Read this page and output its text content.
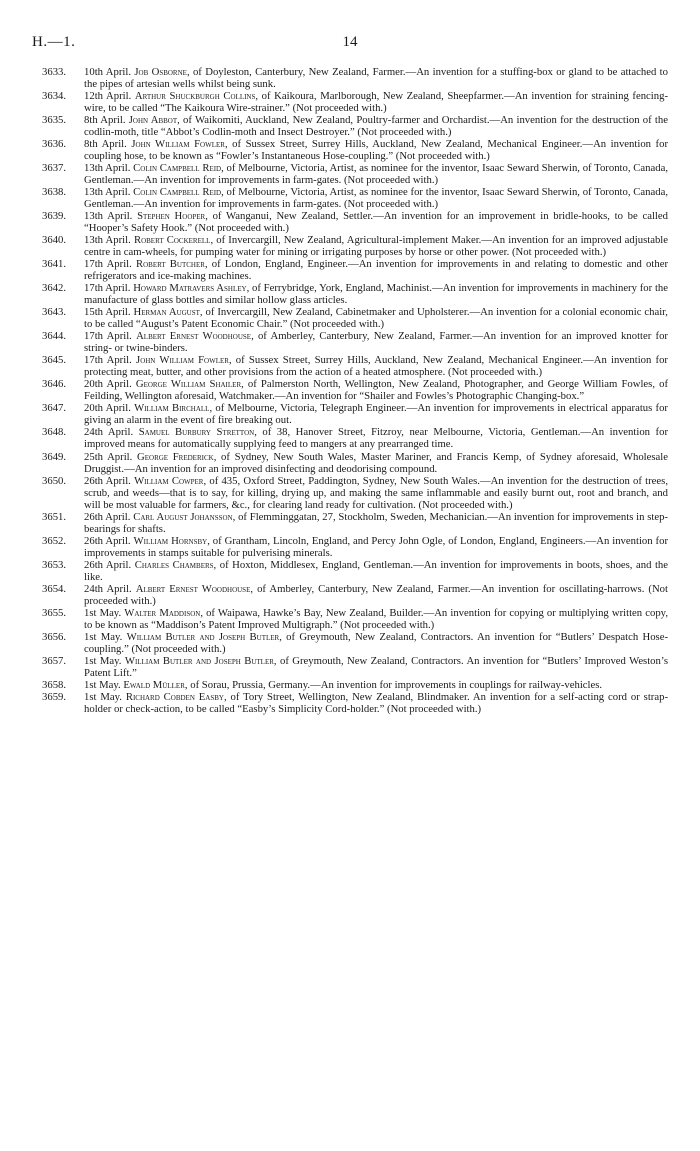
H.—1.	14
3633. 10th April. Job Osborne, of Doyleston, Canterbury, New Zealand, Farmer.—An invention for a stuffing-box or gland to be attached to the pipes of artesian wells whilst being sunk.
3634. 12th April. Arthur Shuckburgh Collins, of Kaikoura, Marlborough, New Zealand, Sheepfarmer.—An invention for straining fencing-wire, to be called “The Kaikoura Wire-strainer.” (Not proceeded with.)
3635. 8th April. John Abbot, of Waikomiti, Auckland, New Zealand, Poultry-farmer and Orchardist.—An invention for the destruction of the codlin-moth, title “Abbot’s Codlin-moth and Insect Destroyer.” (Not proceeded with.)
3636. 8th April. John William Fowler, of Sussex Street, Surrey Hills, Auckland, New Zealand, Mechanical Engineer.—An invention for coupling hose, to be known as “Fowler’s Instantaneous Hose-coupling.” (Not proceeded with.)
3637. 13th April. Colin Campbell Reid, of Melbourne, Victoria, Artist, as nominee for the inventor, Isaac Seward Sherwin, of Toronto, Canada, Gentleman.—An invention for improvements in farm-gates. (Not proceeded with.)
3638. 13th April. Colin Campbell Reid, of Melbourne, Victoria, Artist, as nominee for the inventor, Isaac Seward Sherwin, of Toronto, Canada, Gentleman.—An invention for improvements in farm-gates. (Not proceeded with.)
3639. 13th April. Stephen Hooper, of Wanganui, New Zealand, Settler.—An invention for an improvement in bridle-hooks, to be called “Hooper’s Safety Hook.” (Not proceeded with.)
3640. 13th April. Robert Cockerell, of Invercargill, New Zealand, Agricultural-implement Maker.—An invention for an improved adjustable centre in cam-wheels, for pumping water for mining or irrigating purposes by horse or other power. (Not proceeded with.)
3641. 17th April. Robert Butcher, of London, England, Engineer.—An invention for improvements in and relating to domestic and other refrigerators and ice-making machines.
3642. 17th April. Howard Matravers Ashley, of Ferrybridge, York, England, Machinist.—An invention for improvements in machinery for the manufacture of glass bottles and similar hollow glass articles.
3643. 15th April. Herman August, of Invercargill, New Zealand, Cabinetmaker and Upholsterer.—An invention for a colonial economic chair, to be called “August’s Patent Economic Chair.” (Not proceeded with.)
3644. 17th April. Albert Ernest Woodhouse, of Amberley, Canterbury, New Zealand, Farmer.—An invention for an improved knotter for string- or twine-binders.
3645. 17th April. John William Fowler, of Sussex Street, Surrey Hills, Auckland, New Zealand, Mechanical Engineer.—An invention for protecting meat, butter, and other provisions from the action of a heated atmosphere. (Not proceeded with.)
3646. 20th April. George William Shailer, of Palmerston North, Wellington, New Zealand, Photographer, and George William Fowles, of Feilding, Wellington aforesaid, Watchmaker.—An invention for “Shailer and Fowles’s Photographic Changing-box.”
3647. 20th April. William Birchall, of Melbourne, Victoria, Telegraph Engineer.—An invention for improvements in electrical apparatus for giving an alarm in the event of fire breaking out.
3648. 24th April. Samuel Burbury Stretton, of 38, Hanover Street, Fitzroy, near Melbourne, Victoria, Gentleman.—An invention for improved means for automatically supplying feed to mangers at any prearranged time.
3649. 25th April. George Frederick, of Sydney, New South Wales, Master Mariner, and Francis Kemp, of Sydney aforesaid, Wholesale Druggist.—An invention for an improved disinfecting and deodorising compound.
3650. 26th April. William Cowper, of 435, Oxford Street, Paddington, Sydney, New South Wales.—An invention for the destruction of trees, scrub, and weeds—that is to say, for killing, drying up, and making the same inflammable and easily burnt out, root and branch, and will be most valuable for farmers, &c., for clearing land ready for cultivation. (Not proceeded with.)
3651. 26th April. Carl August Johansson, of Flemminggatan, 27, Stockholm, Sweden, Mechanician.—An invention for improvements in step-bearings for shafts.
3652. 26th April. William Hornsby, of Grantham, Lincoln, England, and Percy John Ogle, of London, England, Engineers.—An invention for improvements in stamps suitable for pulverising minerals.
3653. 26th April. Charles Chambers, of Hoxton, Middlesex, England, Gentleman.—An invention for improvements in boots, shoes, and the like.
3654. 24th April. Albert Ernest Woodhouse, of Amberley, Canterbury, New Zealand, Farmer.—An invention for oscillating-harrows. (Not proceeded with.)
3655. 1st May. Walter Maddison, of Waipawa, Hawke’s Bay, New Zealand, Builder.—An invention for copying or multiplying written copy, to be known as “Maddison’s Patent Improved Multigraph.” (Not proceeded with.)
3656. 1st May. William Butler and Joseph Butler, of Greymouth, New Zealand, Contractors. An invention for “Butlers’ Despatch Hose-coupling.” (Not proceeded with.)
3657. 1st May. William Butler and Joseph Butler, of Greymouth, New Zealand, Contractors. An invention for “Butlers’ Improved Weston’s Patent Lift.”
3658. 1st May. Ewald Müller, of Sorau, Prussia, Germany.—An invention for improvements in couplings for railway-vehicles.
3659. 1st May. Richard Cobden Easby, of Tory Street, Wellington, New Zealand, Blindmaker. An invention for a self-acting cord or strap-holder or check-action, to be called “Easby’s Simplicity Cord-holder.” (Not proceeded with.)
